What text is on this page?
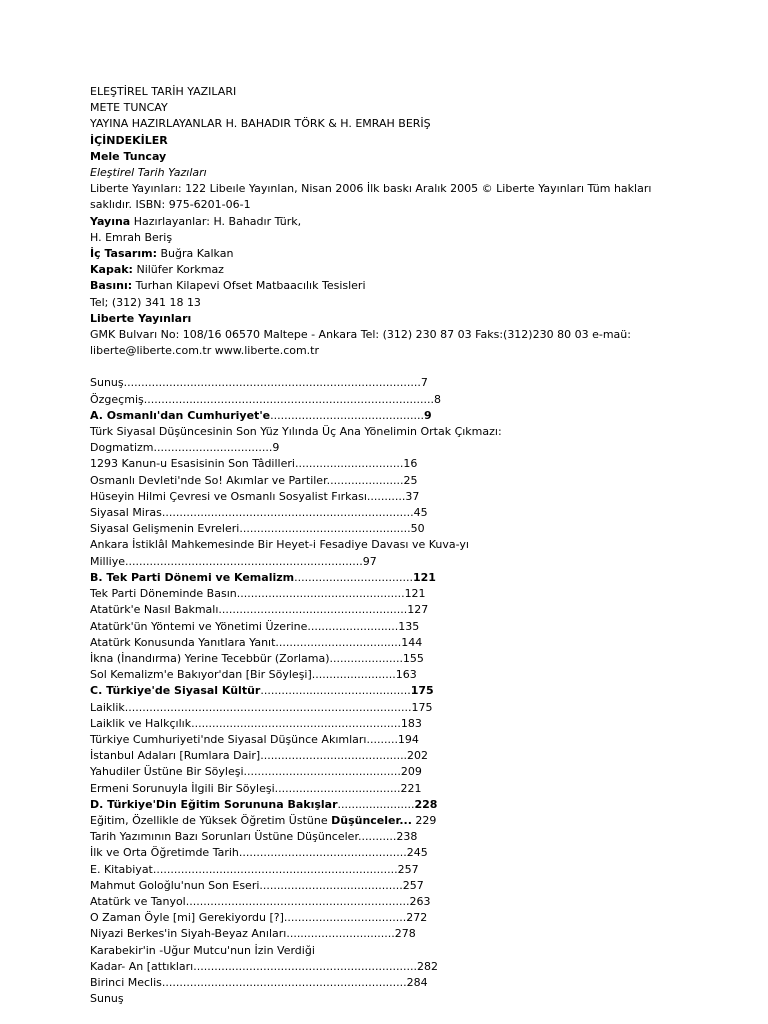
ELEŞTİREL TARİH YAZILARI

METE TUNCAY

YAYINA HAZIRLAYANLAR H. BAHADIR TÖRK & H. EMRAH BERİŞ

İÇİNDEKİLER

Mele Tuncay

Eleştirel Tarih Yazıları

Liberte Yayınları: 122 Libeıle Yayınlan, Nisan 2006 İlk baskı Aralık 2005 © Liberte Yayınları Tüm hakları saklıdır. ISBN: 975-6201-06-1

Yayına Hazırlayanlar: H. Bahadır Türk,

H. Emrah Beriş

İç Tasarım: Buğra Kalkan

Kapak: Nilüfer Korkmaz

Basını: Turhan Kilapevi Ofset Matbaacılık Tesisleri

Tel; (312) 341 18 13

Liberte Yayınları

GMK Bulvarı No: 108/16 06570 Maltepe - Ankara Tel: (312) 230 87 03 Faks:(312)230 80 03 e-maü:

liberte@liberte.com.tr www.liberte.com.tr

Sunuş.....................................................................................7

Özgeçmiş...................................................................................8

A. Osmanlı'dan Cumhuriyet'e............................................9

Türk Siyasal Düşüncesinin Son Yüz Yılında Üç Ana Yönelimin Ortak Çıkmazı:

Dogmatizm..................................9

1293 Kanun-u Esasisinin Son Tâdilleri...............................16

Osmanlı Devleti'nde So! Akımlar ve Partiler......................25

Hüseyin Hilmi Çevresi ve Osmanlı Sosyalist Fırkası...........37

Siyasal Miras........................................................................45

Siyasal Gelişmenin Evreleri.................................................50

Ankara İstiklâl Mahkemesinde Bir Heyet-i Fesadiye Davası ve Kuva-yı

Milliye....................................................................97

B. Tek Parti Dönemi ve Kemalizm..................................121

Tek Parti Döneminde Basın................................................121

Atatürk'e Nasıl Bakmalı......................................................127

Atatürk'ün Yöntemi ve Yönetimi Üzerine..........................135

Atatürk Konusunda Yanıtlara Yanıt....................................144

İkna (İnandırma) Yerine Tecebbür (Zorlama).....................155

Sol Kemalizm'e Bakıyor'dan [Bir Söyleşi]........................163

C. Türkiye'de Siyasal Kültür...........................................175

Laiklik..................................................................................175

Laiklik ve Halkçılık............................................................183

Türkiye Cumhuriyeti'nde Siyasal Düşünce Akımları.........194

İstanbul Adaları [Rumlara Dair]..........................................202

Yahudiler Üstüne Bir Söyleşi.............................................209

Ermeni Sorunuyla İlgili Bir Söyleşi....................................221

D. Türkiye'Din Eğitim Sorununa Bakışlar......................228

Eğitim, Özellikle de Yüksek Öğretim Üstüne Düşünceler... 229

Tarih Yazımının Bazı Sorunları Üstüne Düşünceler...........238

İlk ve Orta Öğretimde Tarih................................................245

E. Kitabiyat......................................................................257

Mahmut Goloğlu'nun Son Eseri.........................................257

Atatürk ve Tanyol................................................................263

O Zaman Öyle [mi] Gerekiyordu [?]...................................272

Niyazi Berkes'in Siyah-Beyaz Anıları...............................278

Karabekir'in -Uğur Mutcu'nun İzin Verdiği

Kadar- An [attıkları................................................................282

Birinci Meclis......................................................................284

Sunuş
